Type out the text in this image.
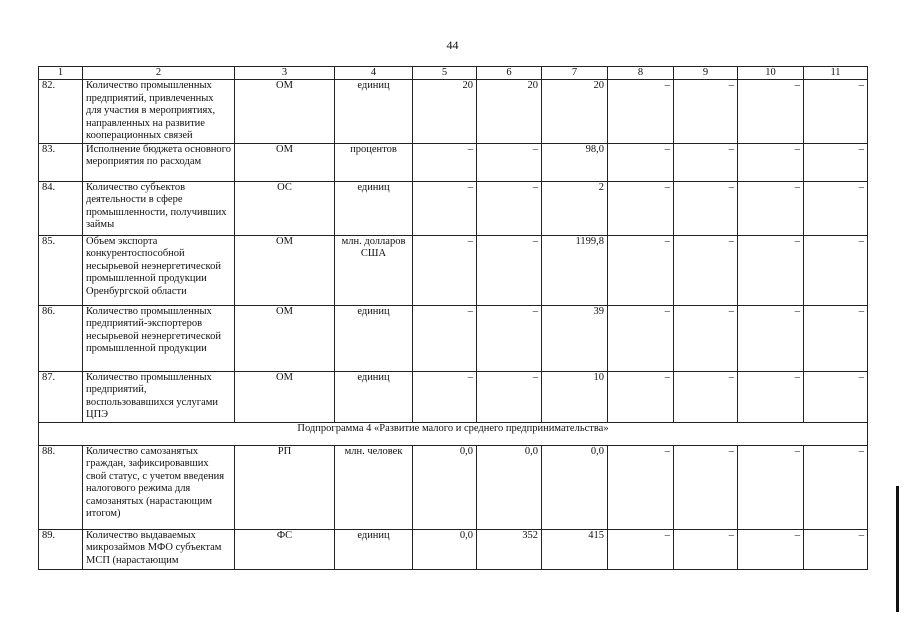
44
1	2	3	4	5	6	7	8	9	10	11
82.	Количество промышленных предприятий, привлеченных для участия в мероприятиях, направленных на развитие кооперационных связей	ОМ	единиц	20	20	20	–	–	–	–
83.	Исполнение бюджета основного мероприятия по расходам	ОМ	процентов	–	–	98,0	–	–	–	–
84.	Количество субъектов деятельности в сфере промышленности, получивших займы	ОС	единиц	–	–	2	–	–	–	–
85.	Объем экспорта конкурентоспособной несырьевой неэнергетической промышленной продукции Оренбургской области	ОМ	млн. долларов США	–	–	1199,8	–	–	–	–
86.	Количество промышленных предприятий-экспортеров несырьевой неэнергетической промышленной продукции	ОМ	единиц	–	–	39	–	–	–	–
87.	Количество промышленных предприятий, воспользовавшихся услугами ЦПЭ	ОМ	единиц	–	–	10	–	–	–	–
Подпрограмма 4 «Развитие малого и среднего предпринимательства»										
88.	Количество самозанятых граждан, зафиксировавших свой статус, с учетом введения налогового режима для самозанятых (нарастающим итогом)	РП	млн. человек	0,0	0,0	0,0	–	–	–	–
89.	Количество выдаваемых микрозаймов МФО субъектам МСП (нарастающим	ФС	единиц	0,0	352	415	–	–	–	–
